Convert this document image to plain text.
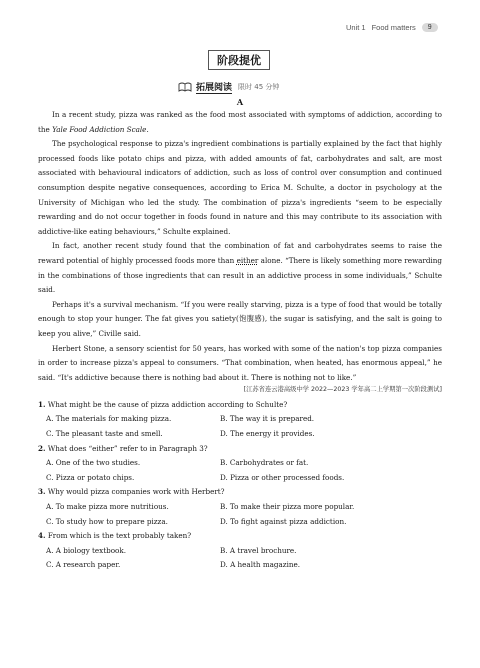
Unit 1 Food matters	9
阶段提优
拓展阅读 限时 45 分钟
A

In a recent study, pizza was ranked as the food most associated with symptoms of addiction, according to the Yale Food Addiction Scale.

The psychological response to pizza's ingredient combinations is partially explained by the fact that highly processed foods like potato chips and pizza, with added amounts of fat, carbohydrates and salt, are most associated with behavioural indicators of addiction, such as loss of control over consumption and continued consumption despite negative consequences, according to Erica M. Schulte, a doctor in psychology at the University of Michigan who led the study. The combination of pizza's ingredients “seem to be especially rewarding and do not occur together in foods found in nature and this may contribute to its association with addictive-like eating behaviours,” Schulte explained.

In fact, another recent study found that the combination of fat and carbohydrates seems to raise the reward potential of highly processed foods more than either alone. “There is likely something more rewarding in the combinations of those ingredients that can result in an addictive process in some individuals,” Schulte said.

Perhaps it's a survival mechanism. “If you were really starving, pizza is a type of food that would be totally enough to stop your hunger. The fat gives you satiety(饱腹感), the sugar is satisfying, and the salt is going to keep you alive,” Civille said.

Herbert Stone, a sensory scientist for 50 years, has worked with some of the nation's top pizza companies in order to increase pizza's appeal to consumers. “That combination, when heated, has enormous appeal,” he said. “It's addictive because there is nothing bad about it. There is nothing not to like.”

[江苏省连云港高级中学 2022—2023 学年高二上学期第一次阶段测试]

1. What might be the cause of pizza addiction according to Schulte?

A. The materials for making pizza.	B. The way it is prepared.

C. The pleasant taste and smell.	D. The energy it provides.

2. What does “either” refer to in Paragraph 3?

A. One of the two studies.	B. Carbohydrates or fat.

C. Pizza or potato chips.	D. Pizza or other processed foods.

3. Why would pizza companies work with Herbert?

A. To make pizza more nutritious.	B. To make their pizza more popular.

C. To study how to prepare pizza.	D. To fight against pizza addiction.

4. From which is the text probably taken?

A. A biology textbook.	B. A travel brochure.

C. A research paper.	D. A health magazine.
